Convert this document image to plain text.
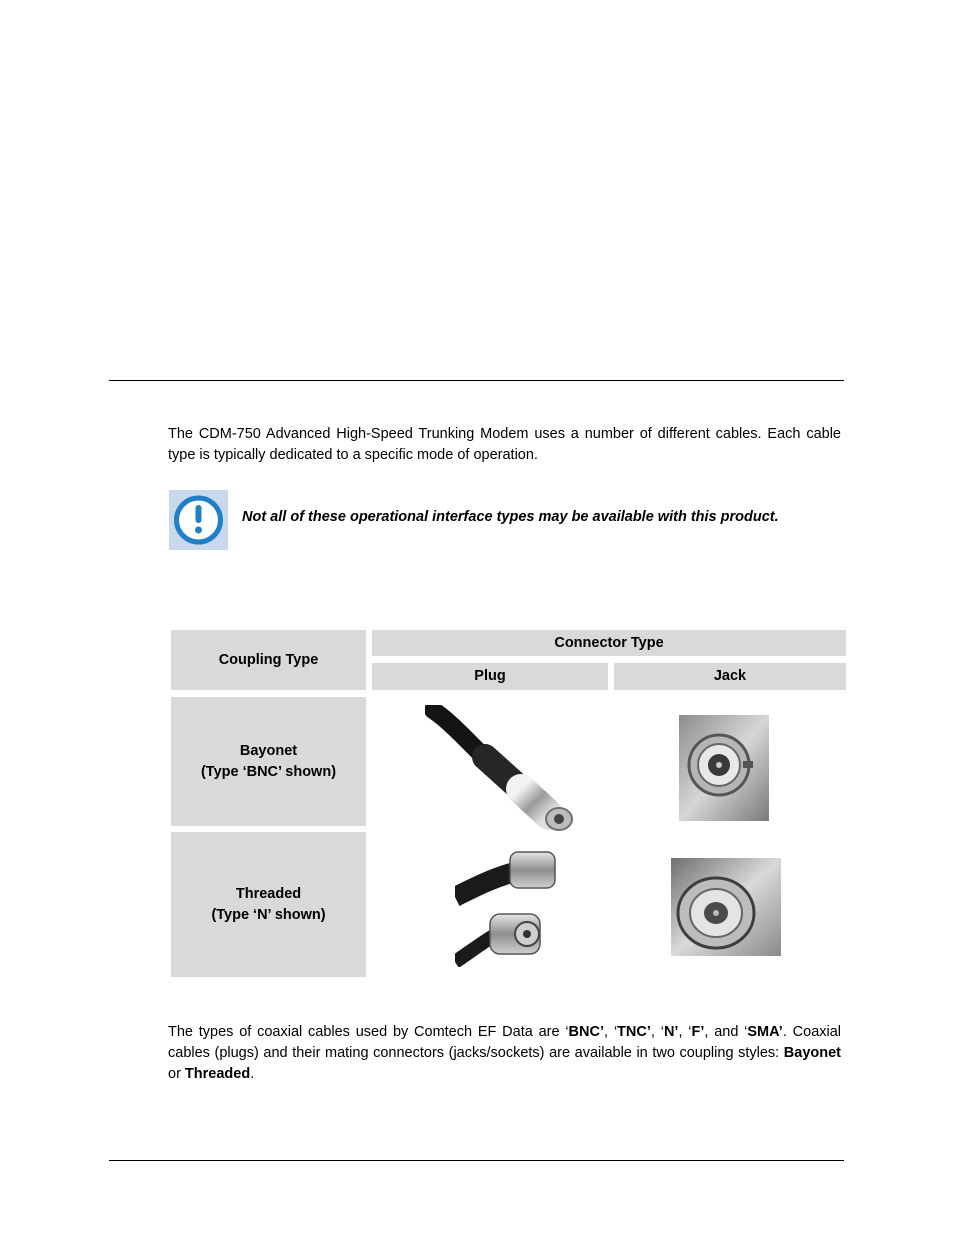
The CDM-750 Advanced High-Speed Trunking Modem uses a number of different cables. Each cable type is typically dedicated to a specific mode of operation.

Not all of these operational interface types may be available with this product.
Coupling Type
Connector Type
Plug	Jack
Bayonet
(Type ‘BNC’ shown)
Threaded
(Type ‘N’ shown)

The types of coaxial cables used by Comtech EF Data are ‘BNC’, ‘TNC’, ‘N’, ‘F’, and ‘SMA’. Coaxial cables (plugs) and their mating connectors (jacks/sockets) are available in two coupling styles: Bayonet or Threaded.
